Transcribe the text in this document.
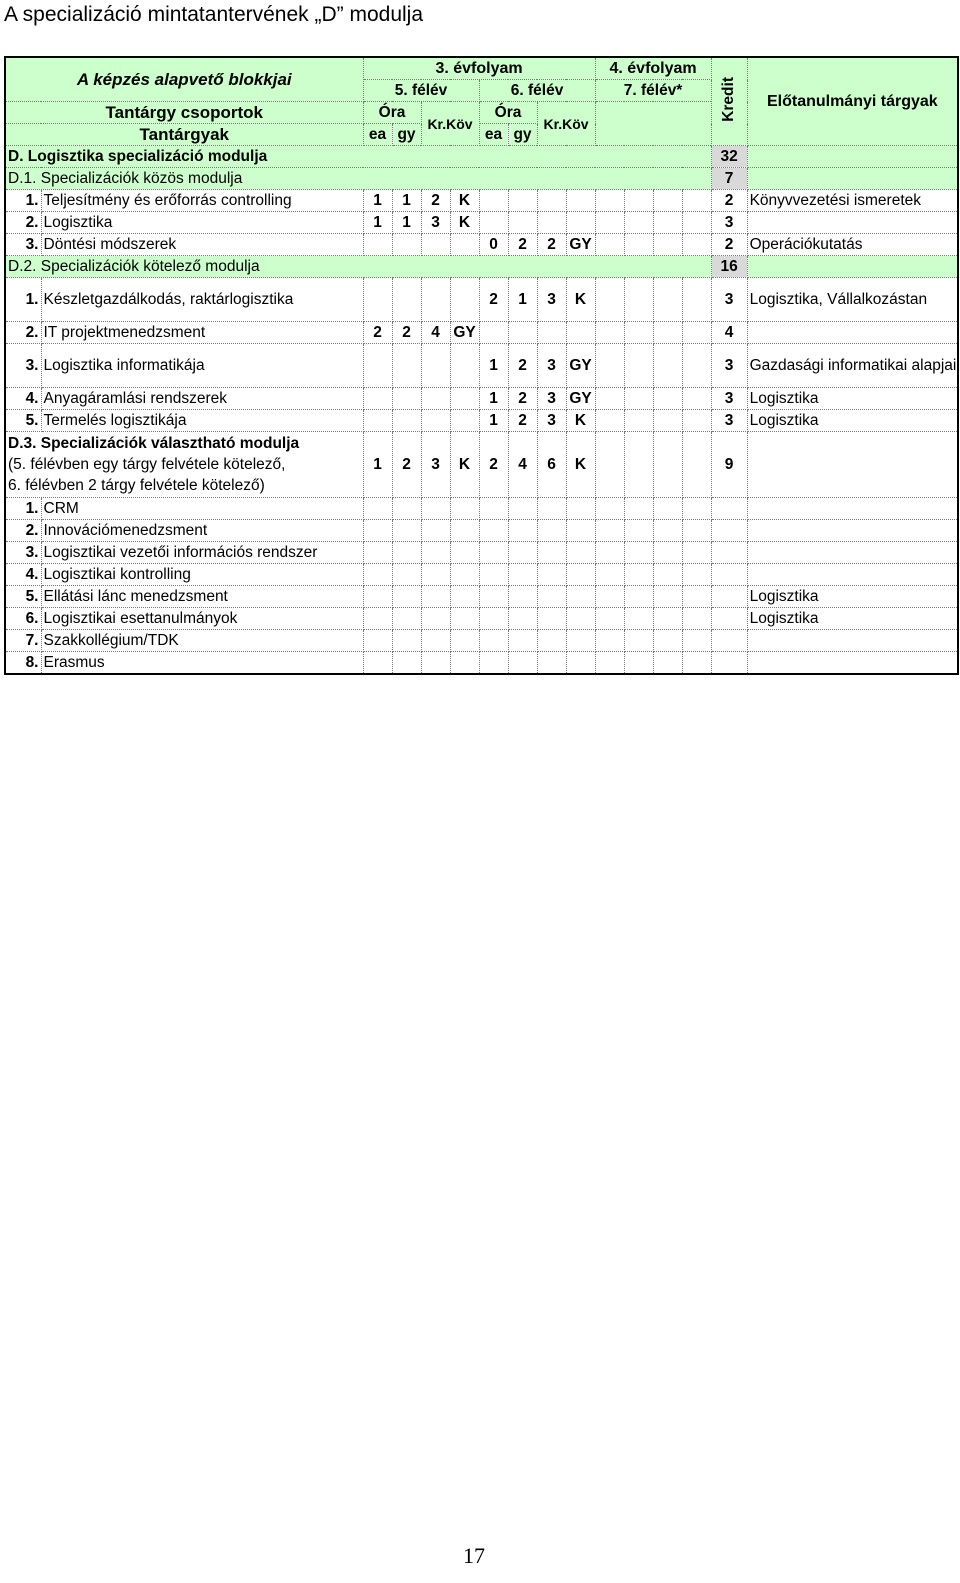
A specializáció mintatantervének „D” modulja
A képzés alapvető blokkjai		3. évfolyam								4. évfolyam				Kredit	Előtanulmányi tárgyak
		5. félév				6. félév				7. félév*					
Tantárgy csoportok		Óra		Kr.Köv		Óra		Kr.Köv							
Tantárgyak		ea	gy			ea	gy								
D. Logisztika specializáció modulja														32	
D.1. Specializációk közös modulja														7	
1.	Teljesítmény és erőforrás controlling	1	1	2	K									2	Könyvvezetési ismeretek
2.	Logisztika	1	1	3	K									3	
3.	Döntési módszerek					0	2	2	GY					2	Operációkutatás
D.2. Specializációk kötelező modulja														16	
1.	Készletgazdálkodás, raktárlogisztika					2	1	3	K					3	Logisztika, Vállalkozástan
2.	IT projektmenedzsment	2	2	4	GY									4	
3.	Logisztika informatikája					1	2	3	GY					3	Gazdasági informatikai alapjai
4.	Anyagáramlási rendszerek					1	2	3	GY					3	Logisztika
5.	Termelés logisztikája					1	2	3	K					3	Logisztika

D.3. Specializációk választható modulja
(5. félévben egy tárgy felvétele kötelező,
6. félévben 2 tárgy felvétele kötelező)		1	2	3	K	2	4	6	K					9	
1.	CRM														
2.	Innovációmenedzsment														
3.	Logisztikai vezetői információs rendszer														
4.	Logisztikai kontrolling														
5.	Ellátási lánc menedzsment														Logisztika
6.	Logisztikai esettanulmányok														Logisztika
7.	Szakkollégium/TDK														
8.	Erasmus														
17
